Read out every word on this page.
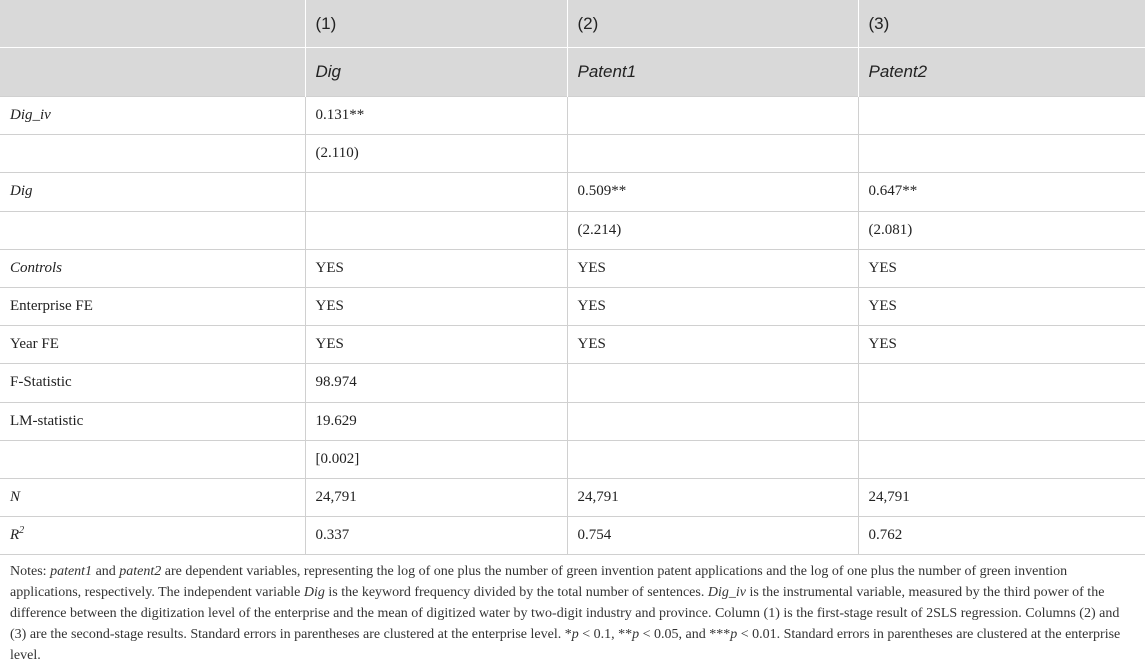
	(1)	(2)	(3)
	Dig	Patent1	Patent2
Dig_iv	0.131**		
	(2.110)		
Dig		0.509**	0.647**
		(2.214)	(2.081)
Controls	YES	YES	YES
Enterprise FE	YES	YES	YES
Year FE	YES	YES	YES
F-Statistic	98.974		
LM-statistic	19.629		
	[0.002]		
N	24,791	24,791	24,791
$R^2$	0.337	0.754	0.762

Notes: patent1 and patent2 are dependent variables, representing the log of one plus the number of green invention patent applications and the log of one plus the number of green invention applications, respectively. The independent variable Dig is the keyword frequency divided by the total number of sentences. Dig_iv is the instrumental variable, measured by the third power of the difference between the digitization level of the enterprise and the mean of digitized water by two-digit industry and province. Column (1) is the first-stage result of 2SLS regression. Columns (2) and (3) are the second-stage results. Standard errors in parentheses are clustered at the enterprise level. *p < 0.1, **p < 0.05, and ***p < 0.01. Standard errors in parentheses are clustered at the enterprise level.
